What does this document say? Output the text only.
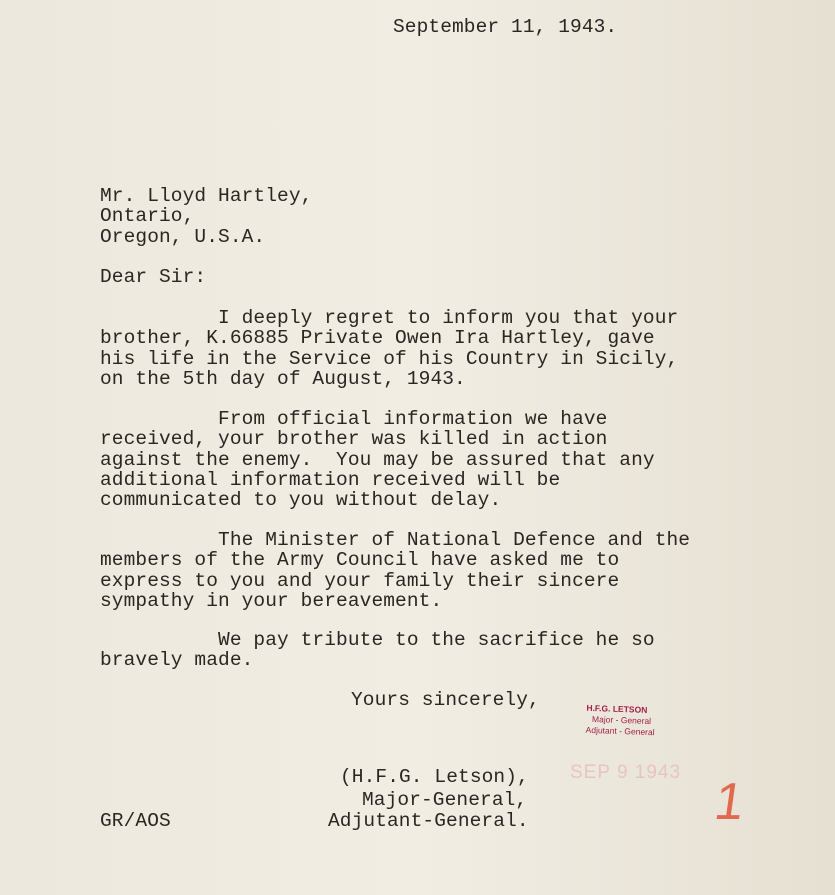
September 11, 1943.
Mr. Lloyd Hartley,
Ontario,
Oregon, U.S.A.
Dear Sir:
I deeply regret to inform you that your
brother, K.66885 Private Owen Ira Hartley, gave
his life in the Service of his Country in Sicily,
on the 5th day of August, 1943.
From official information we have
received, your brother was killed in action
against the enemy.  You may be assured that any
additional information received will be
communicated to you without delay.
The Minister of National Defence and the
members of the Army Council have asked me to
express to you and your family their sincere
sympathy in your bereavement.
We pay tribute to the sacrifice he so
bravely made.
Yours sincerely,	H.F.G. LETSON
Major - General
Adjutant - General
SEP 9 1943
1
(H.F.G. Letson),
Major-General,
Adjutant-General.
GR/AOS
